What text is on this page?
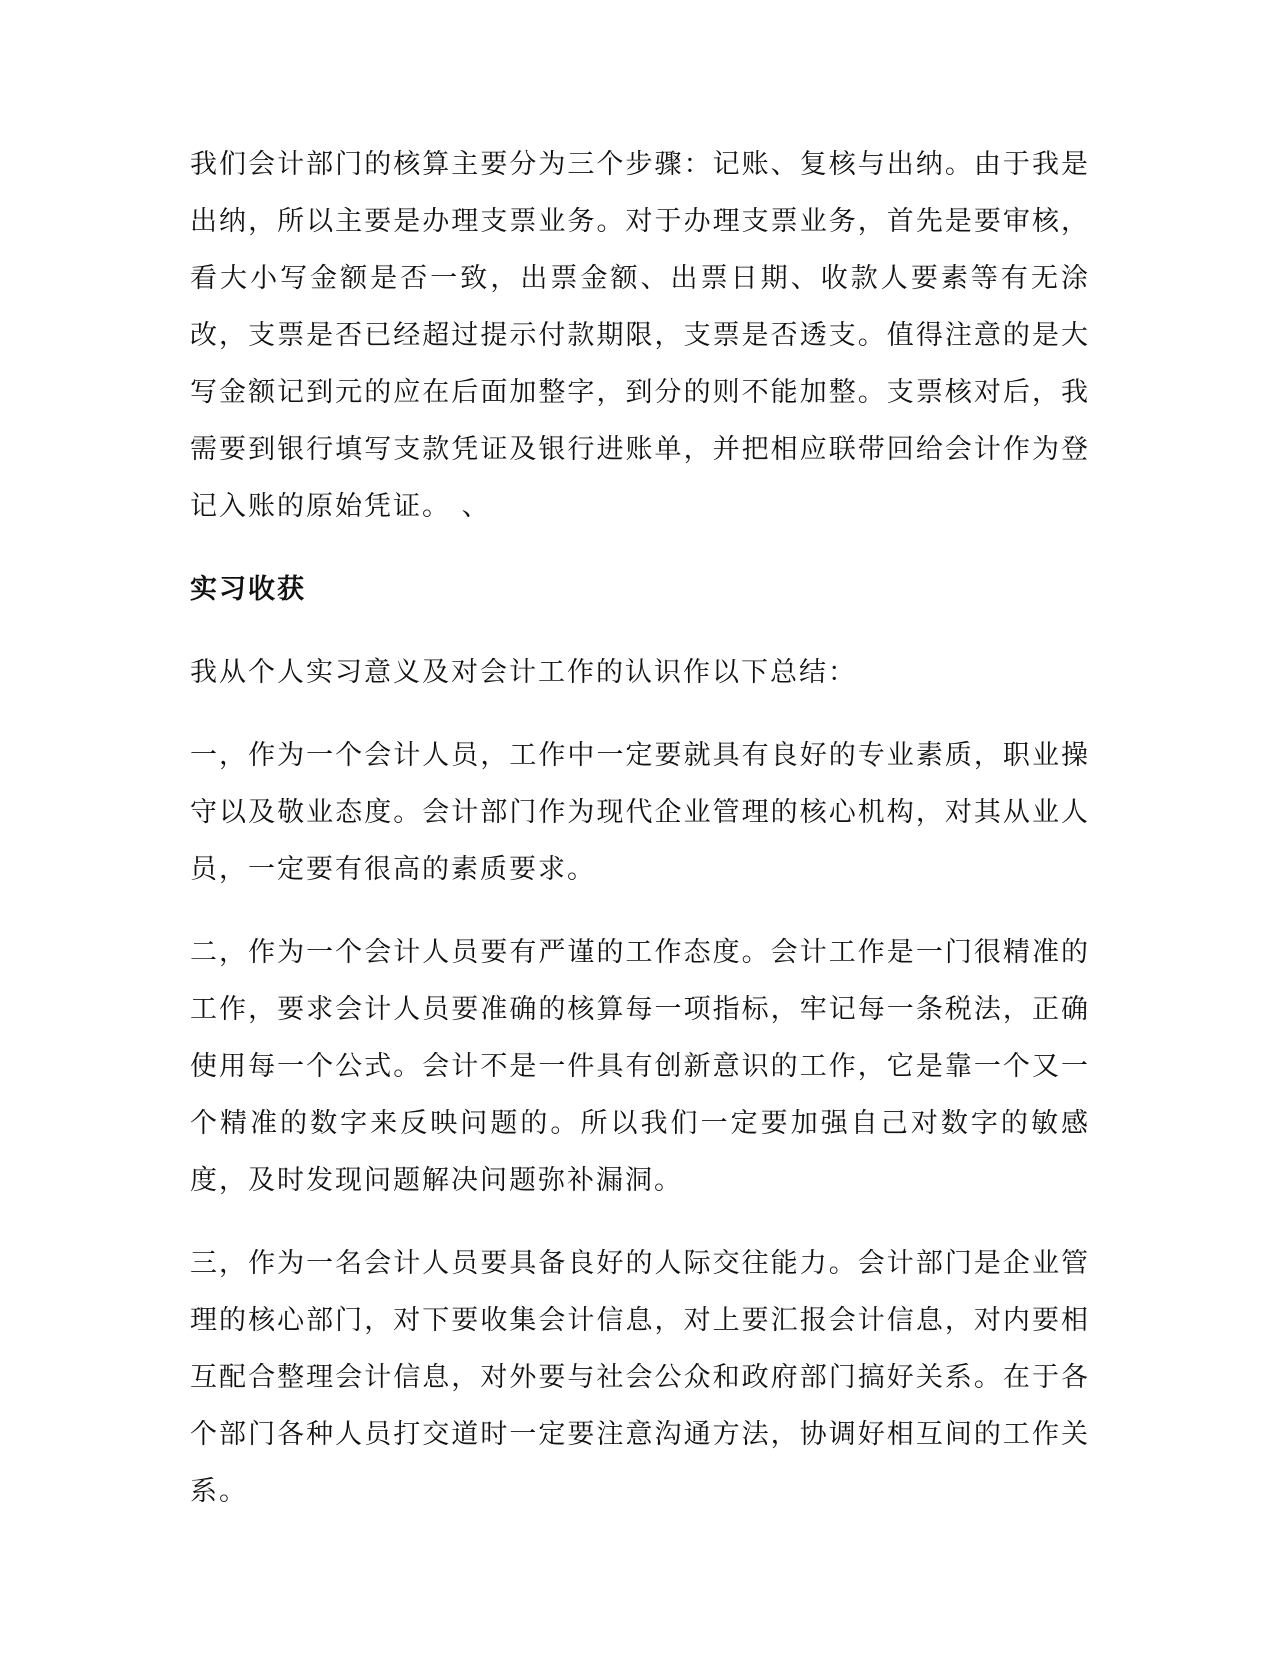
我们会计部门的核算主要分为三个步骤：记账、复核与出纳。由于我是出纳，所以主要是办理支票业务。对于办理支票业务，首先是要审核，看大小写金额是否一致，出票金额、出票日期、收款人要素等有无涂改，支票是否已经超过提示付款期限，支票是否透支。值得注意的是大写金额记到元的应在后面加整字，到分的则不能加整。支票核对后，我需要到银行填写支款凭证及银行进账单，并把相应联带回给会计作为登记入账的原始凭证。 、

实习收获

我从个人实习意义及对会计工作的认识作以下总结：

一，作为一个会计人员，工作中一定要就具有良好的专业素质，职业操守以及敬业态度。会计部门作为现代企业管理的核心机构，对其从业人员，一定要有很高的素质要求。

二，作为一个会计人员要有严谨的工作态度。会计工作是一门很精准的工作，要求会计人员要准确的核算每一项指标，牢记每一条税法，正确使用每一个公式。会计不是一件具有创新意识的工作，它是靠一个又一个精准的数字来反映问题的。所以我们一定要加强自己对数字的敏感度，及时发现问题解决问题弥补漏洞。

三，作为一名会计人员要具备良好的人际交往能力。会计部门是企业管理的核心部门，对下要收集会计信息，对上要汇报会计信息，对内要相互配合整理会计信息，对外要与社会公众和政府部门搞好关系。在于各个部门各种人员打交道时一定要注意沟通方法，协调好相互间的工作关系。
